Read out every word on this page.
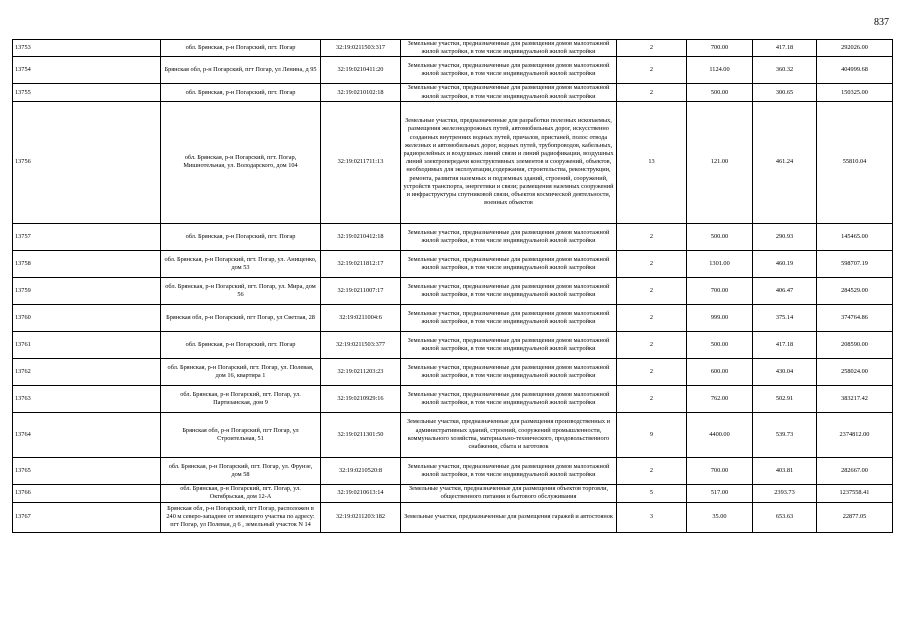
837
13753	обл. Брянская, р-н Погарский, пгт. Погар	32:19:0211503:317	Земельные участки, предназначенные для размещения домов малоэтажной жилой застройки, в том числе индивидуальной жилой застройки	2	700.00	417.18	292026.00
13754	Брянская обл, р-н Погарский, пгт Погар, ул Ленина, д 95	32:19:0210411:20	Земельные участки, предназначенные для размещения домов малоэтажной жилой застройки, в том числе индивидуальной жилой застройки	2	1124.00	360.32	404999.68
13755	обл. Брянская, р-н Погарский, пгт. Погар	32:19:0210102:18	Земельные участки, предназначенные для размещения домов малоэтажной жилой застройки, в том числе индивидуальной жилой застройки	2	500.00	300.65	150325.00
13756	обл. Брянская, р-н Погарский, пгт. Погар, Мишнотельная, ул. Володарского, дом 104	32:19:0211711:13	Земельные участки, предназначенные для разработки полезных ископаемых, размещения железнодорожных путей, автомобильных дорог, искусственно созданных внутренних водных путей, причалов, пристаней, полос отвода железных и автомобильных дорог, водных путей, трубопроводов, кабельных, радиорелейных и воздушных линий связи и линий радиофикации, воздушных линий электропередачи конструктивных элементов и сооружений, объектов, необходимых для эксплуатации,содержания, строительства, реконструкции, ремонта, развития наземных и подземных зданий, строений, сооружений, устройств транспорта, энергетики и связи; размещения наземных сооружений и инфраструктуры спутниковой связи, объектов космической деятельности, военных объектов	13	121.00	461.24	55810.04
13757	обл. Брянская, р-н Погарский, пгт. Погар	32:19:0210412:18	Земельные участки, предназначенные для размещения домов малоэтажной жилой застройки, в том числе индивидуальной жилой застройки	2	500.00	290.93	145465.00
13758	обл. Брянская, р-н Погарский, пгт. Погар, ул. Анищенко, дом 53	32:19:0211812:17	Земельные участки, предназначенные для размещения домов малоэтажной жилой застройки, в том числе индивидуальной жилой застройки	2	1301.00	460.19	598707.19
13759	обл. Брянская, р-н Погарский, пгт. Погар, ул. Мира, дом 56	32:19:0211007:17	Земельные участки, предназначенные для размещения домов малоэтажной жилой застройки, в том числе индивидуальной жилой застройки	2	700.00	406.47	284529.00
13760	Брянская обл, р-н Погарский, пгт Погар, ул Светлая, 28	32:19:0211004:6	Земельные участки, предназначенные для размещения домов малоэтажной жилой застройки, в том числе индивидуальной жилой застройки	2	999.00	375.14	374764.86
13761	обл. Брянская, р-н Погарский, пгт. Погар	32:19:0211503:377	Земельные участки, предназначенные для размещения домов малоэтажной жилой застройки, в том числе индивидуальной жилой застройки	2	500.00	417.18	208590.00
13762	обл. Брянская, р-н Погарский, пгт. Погар, ул. Полевая, дом 16, квартира 1	32:19:0211203:23	Земельные участки, предназначенные для размещения домов малоэтажной жилой застройки, в том числе индивидуальной жилой застройки	2	600.00	430.04	258024.00
13763	обл. Брянская, р-н Погарский, пгт. Погар, ул. Партизанская, дом 9	32:19:0210929:16	Земельные участки, предназначенные для размещения домов малоэтажной жилой застройки, в том числе индивидуальной жилой застройки	2	762.00	502.91	383217.42
13764	Брянская обл, р-н Погарский, пгт Погар, ул Строительная, 51	32:19:0211301:50	Земельные участки, предназначенные для размещения производственных и административных зданий, строений, сооружений промышленности, коммунального хозяйства, материально-технического, продовольственного снабжения, сбыта и заготовок	9	4400.00	539.73	2374812.00
13765	обл. Брянская, р-н Погарский, пгт. Погар, ул. Фрунзе, дом 58	32:19:0210520:8	Земельные участки, предназначенные для размещения домов малоэтажной жилой застройки, в том числе индивидуальной жилой застройки	2	700.00	403.81	282667.00
13766	обл. Брянская, р-н Погарский, пгт. Погар, ул. Октябрьская, дом 12-А	32:19:0210613:14	Земельные участки, предназначенные для размещения объектов торговли, общественного питания и бытового обслуживания	5	517.00	2393.73	1237558.41
13767	Брянская обл, р-н Погарский, пгт Погар, расположен в 240 м северо-западнее от имеющего участка по адресу: пгт Погар, ул Полевая, д 6 , земельный участок N 14	32:19:0211203:182	Земельные участки, предназначенные для размещения гаражей и автостоянок	3	35.00	653.63	22877.05
